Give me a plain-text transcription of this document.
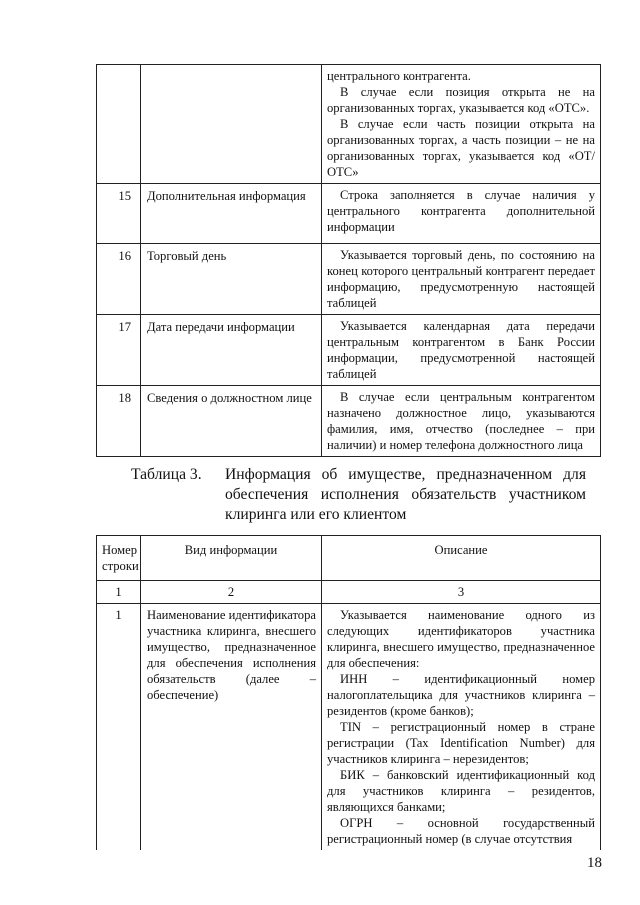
		центрального контрагента.

В случае если позиция открыта не на организованных торгах, указывается код «ОТС».

В случае если часть позиции открыта на организованных торгах, а часть позиции – не на организованных торгах, указывается код «ОТ/ОТС»

15	Дополнительная информация	Строка заполняется в случае наличия у центрального контрагента дополнительной информации

16	Торговый день	Указывается торговый день, по состоянию на конец которого центральный контрагент передает информацию, предусмотренную настоящей таблицей

17	Дата передачи информации	Указывается календарная дата передачи центральным контрагентом в Банк России информации, предусмотренной настоящей таблицей

18	Сведения о должностном лице	В случае если центральным контрагентом назначено должностное лицо, указываются фамилия, имя, отчество (последнее – при наличии) и номер телефона должностного лица

Таблица 3. Информация об имуществе, предназначенном для
обеспечения исполнения обязательств участником
клиринга или его клиентом
Номер строки	Вид информации	Описание
1	2	3
1	Наименование идентификатора участника клиринга, внесшего имущество, предназначенное для обеспечения исполнения обязательств (далее – обеспечение)	Указывается наименование одного из следующих идентификаторов участника клиринга, внесшего имущество, предназначенное для обеспечения:

ИНН – идентификационный номер налогоплательщика для участников клиринга – резидентов (кроме банков);

TIN – регистрационный номер в стране регистрации (Tax Identification Number) для участников клиринга – нерезидентов;

БИК – банковский идентификационный код для участников клиринга – резидентов, являющихся банками;

ОГРН – основной государственный регистрационный номер (в случае отсутствия

18
